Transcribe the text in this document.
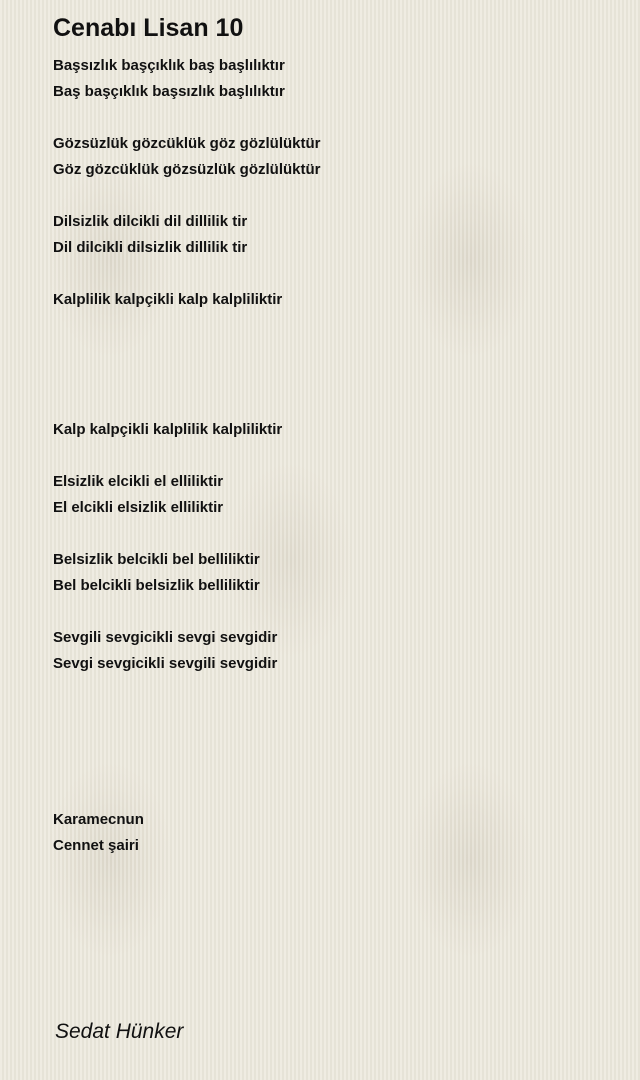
Cenabı Lisan 10
Başsızlık başçıklık baş başlılıktır
Baş başçıklık başsızlık başlılıktır
Gözsüzlük gözcüklük göz gözlülüktür
Göz gözcüklük gözsüzlük gözlülüktür
Dilsizlik dilcikli dil dillilik tir
Dil dilcikli dilsizlik dillilik tir
Kalplilik kalpçikli kalp kalpliliktir
Kalp kalpçikli kalplilik kalpliliktir
Elsizlik elcikli el elliliktir
El elcikli elsizlik elliliktir
Belsizlik belcikli bel belliliktir
Bel belcikli belsizlik belliliktir
Sevgili sevgicikli sevgi sevgidir
Sevgi sevgicikli sevgili sevgidir
Karamecnun
Cennet şairi
Sedat Hünker
